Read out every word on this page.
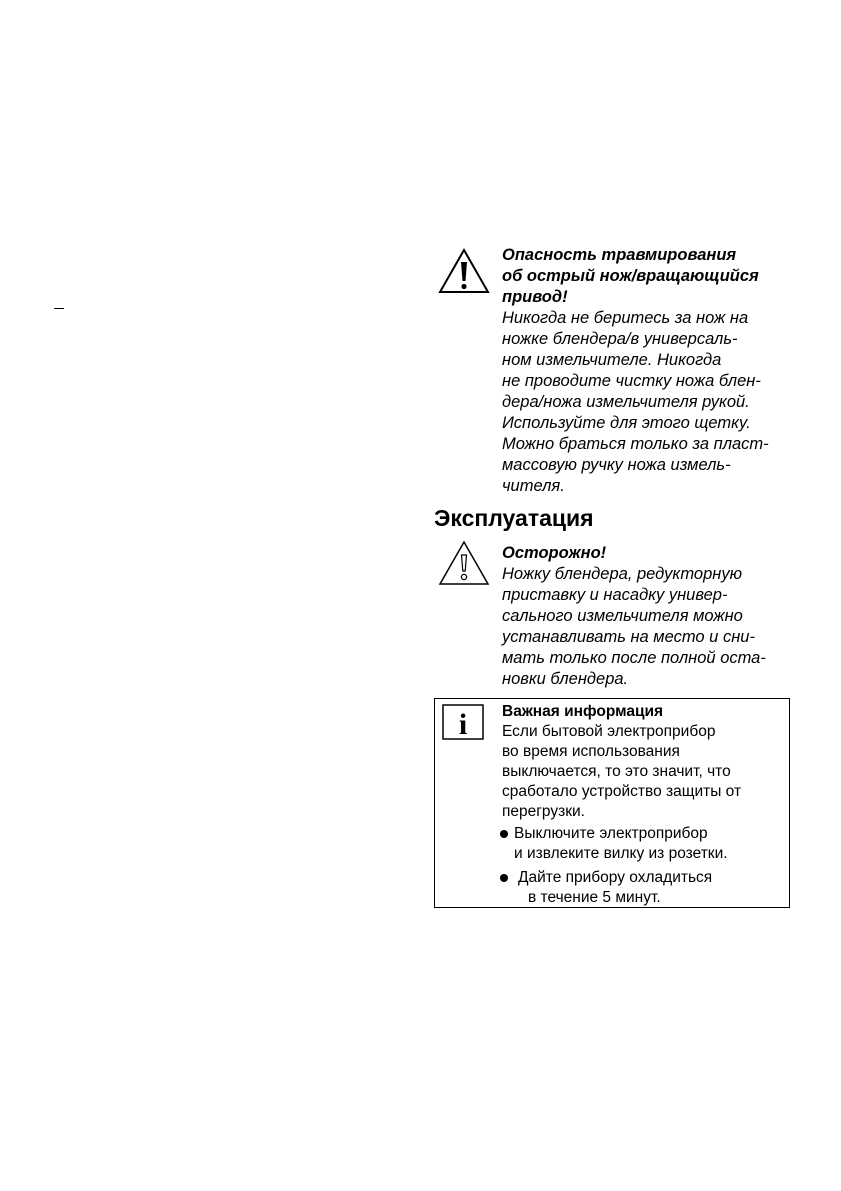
Опасность травмирования
об острый нож/вращающийся
привод!
Никогда не беритесь за нож на
ножке блендера/в универсаль-
ном измельчителе. Никогда
не проводите чистку ножа блен-
дера/ножа измельчителя рукой.
Используйте для этого щетку.
Можно браться только за пласт-
массовую ручку ножа измель-
чителя.
Эксплуатация
Осторожно!
Ножку блендера, редукторную
приставку и насадку универ-
сального измельчителя можно
устанавливать на место и сни-
мать только после полной оста-
новки блендера.
i Важная информация
Если бытовой электроприбор
во время использования
выключается, то это значит, что
сработало устройство защиты от
перегрузки.
Выключите электроприбор
и извлеките вилку из розетки.
Дайте прибору охладиться
в течение 5 минут.
